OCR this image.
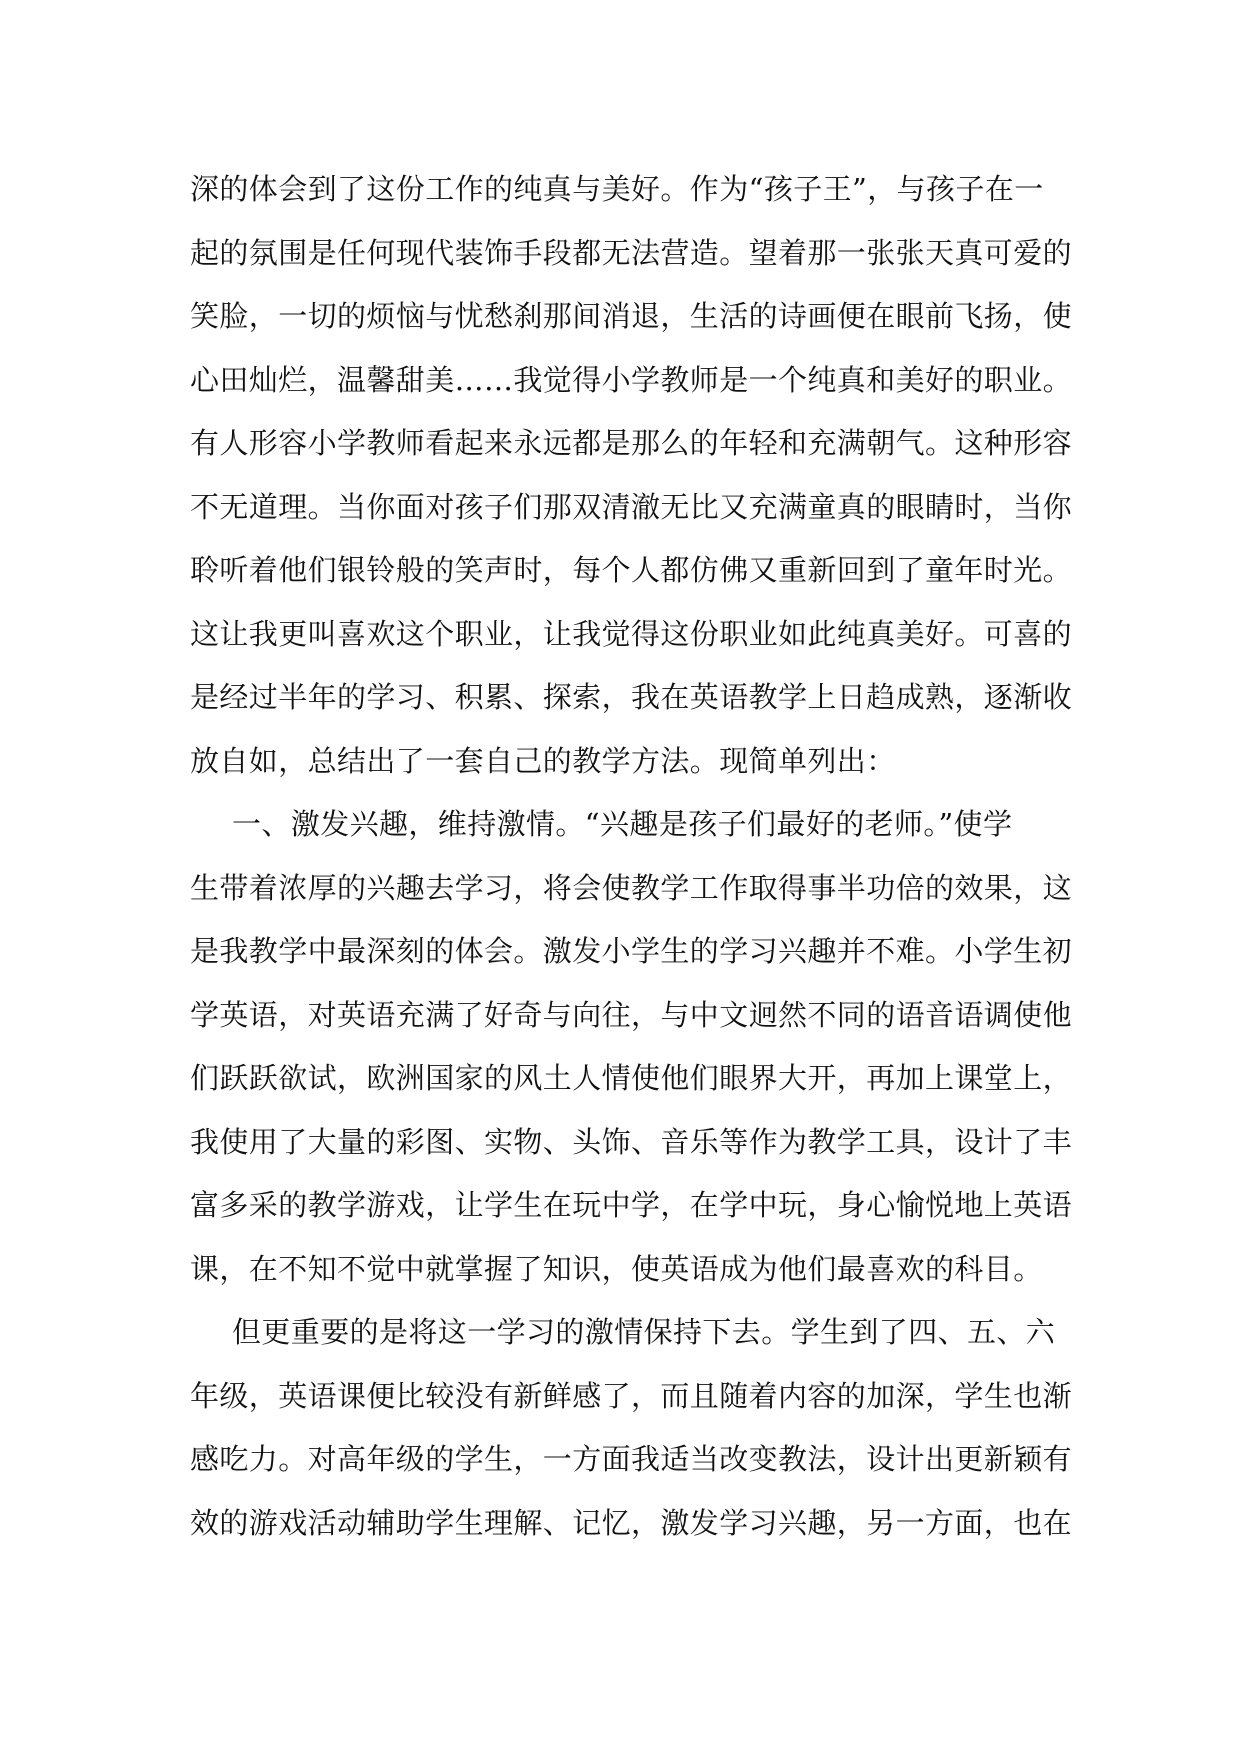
深的体会到了这份工作的纯真与美好。作为“孩子王”，与孩子在一
起的氛围是任何现代装饰手段都无法营造。望着那一张张天真可爱的
笑脸，一切的烦恼与忧愁刹那间消退，生活的诗画便在眼前飞扬，使
心田灿烂，温馨甜美……我觉得小学教师是一个纯真和美好的职业。
有人形容小学教师看起来永远都是那么的年轻和充满朝气。这种形容
不无道理。当你面对孩子们那双清澈无比又充满童真的眼睛时，当你
聆听着他们银铃般的笑声时，每个人都仿佛又重新回到了童年时光。
这让我更叫喜欢这个职业，让我觉得这份职业如此纯真美好。可喜的
是经过半年的学习、积累、探索，我在英语教学上日趋成熟，逐渐收
放自如，总结出了一套自己的教学方法。现简单列出：
一、激发兴趣，维持激情。“兴趣是孩子们最好的老师。”使学
生带着浓厚的兴趣去学习，将会使教学工作取得事半功倍的效果，这
是我教学中最深刻的体会。激发小学生的学习兴趣并不难。小学生初
学英语，对英语充满了好奇与向往，与中文迥然不同的语音语调使他
们跃跃欲试，欧洲国家的风土人情使他们眼界大开，再加上课堂上，
我使用了大量的彩图、实物、头饰、音乐等作为教学工具，设计了丰
富多采的教学游戏，让学生在玩中学，在学中玩，身心愉悦地上英语
课，在不知不觉中就掌握了知识，使英语成为他们最喜欢的科目。
但更重要的是将这一学习的激情保持下去。学生到了四、五、六
年级，英语课便比较没有新鲜感了，而且随着内容的加深，学生也渐
感吃力。对高年级的学生，一方面我适当改变教法，设计出更新颖有
效的游戏活动辅助学生理解、记忆，激发学习兴趣，另一方面，也在
